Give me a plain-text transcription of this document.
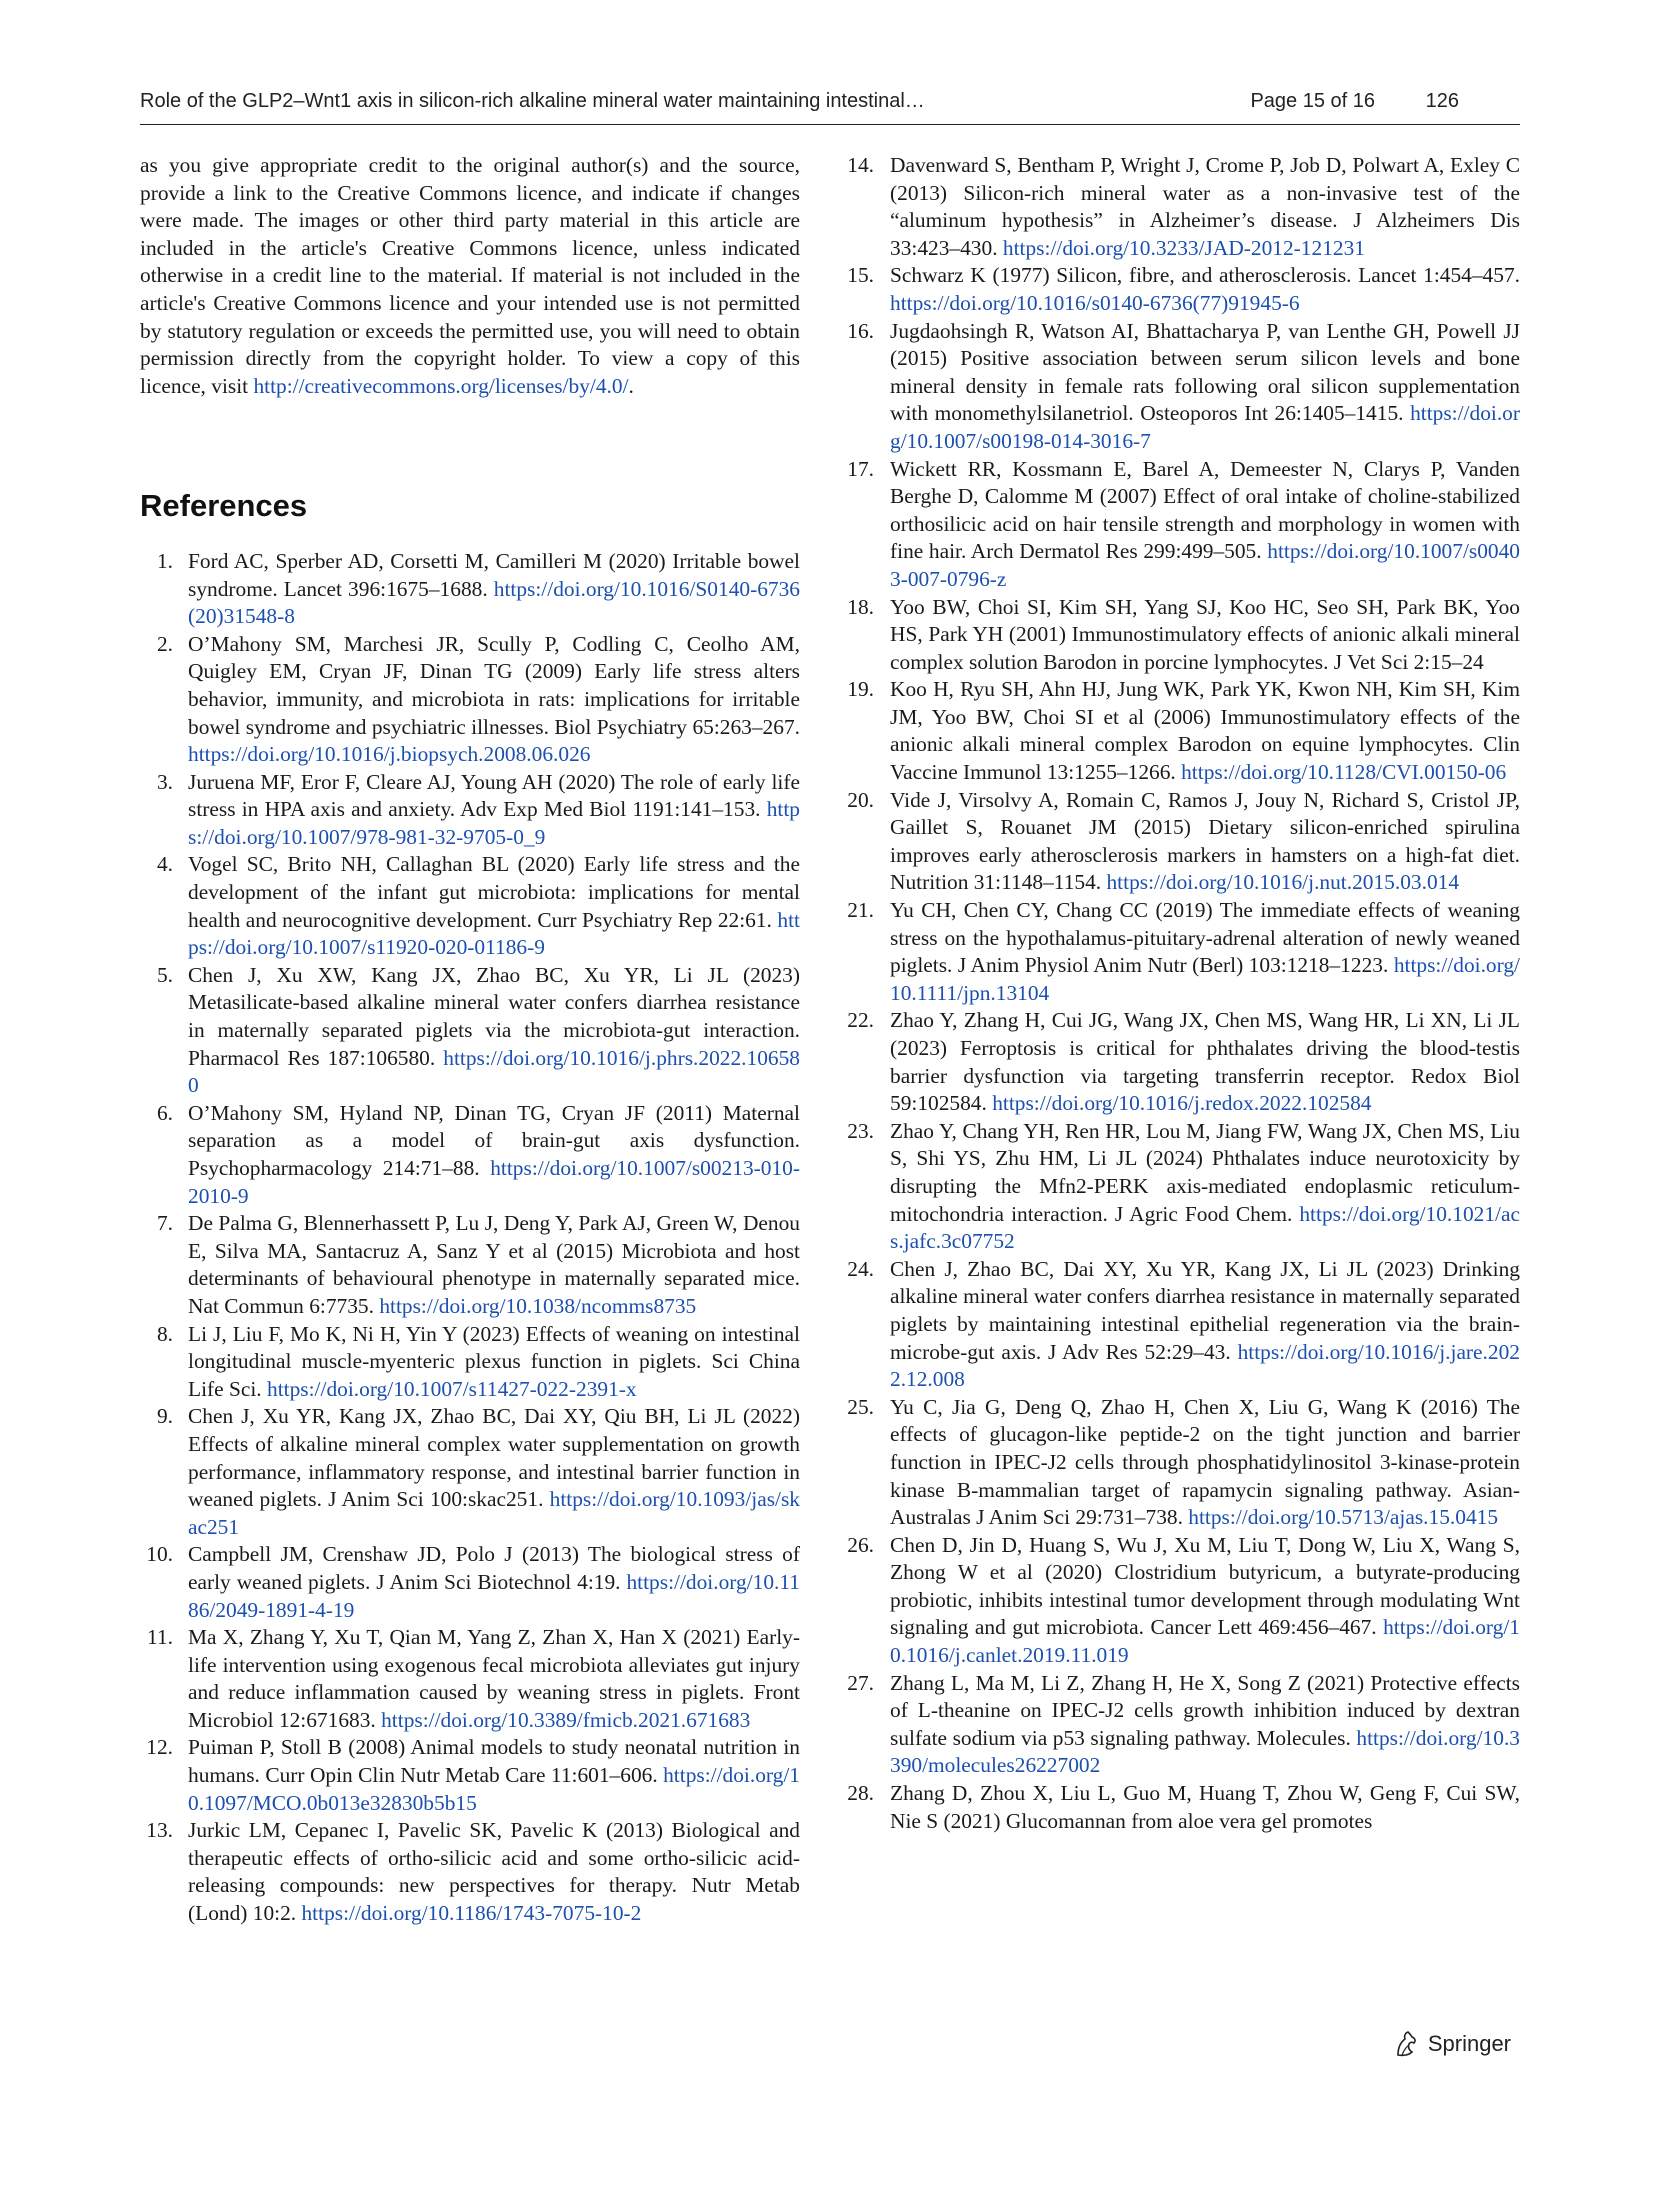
Role of the GLP2–Wnt1 axis in silicon-rich alkaline mineral water maintaining intestinal…	Page 15 of 16	126

as you give appropriate credit to the original author(s) and the source, provide a link to the Creative Commons licence, and indicate if changes were made. The images or other third party material in this article are included in the article's Creative Commons licence, unless indicated otherwise in a credit line to the material. If material is not included in the article's Creative Commons licence and your intended use is not permitted by statutory regulation or exceeds the permitted use, you will need to obtain permission directly from the copyright holder. To view a copy of this licence, visit http://creativecommons.org/licenses/by/4.0/.

References
1. Ford AC, Sperber AD, Corsetti M, Camilleri M (2020) Irritable bowel syndrome. Lancet 396:1675–1688. https://doi.org/10.1016/S0140-6736(20)31548-8
2. O’Mahony SM, Marchesi JR, Scully P, Codling C, Ceolho AM, Quigley EM, Cryan JF, Dinan TG (2009) Early life stress alters behavior, immunity, and microbiota in rats: implications for irritable bowel syndrome and psychiatric illnesses. Biol Psychiatry 65:263–267. https://doi.org/10.1016/j.biopsych.2008.06.026
3. Juruena MF, Eror F, Cleare AJ, Young AH (2020) The role of early life stress in HPA axis and anxiety. Adv Exp Med Biol 1191:141–153. https://doi.org/10.1007/978-981-32-9705-0_9
4. Vogel SC, Brito NH, Callaghan BL (2020) Early life stress and the development of the infant gut microbiota: implications for mental health and neurocognitive development. Curr Psychiatry Rep 22:61. https://doi.org/10.1007/s11920-020-01186-9
5. Chen J, Xu XW, Kang JX, Zhao BC, Xu YR, Li JL (2023) Metasilicate-based alkaline mineral water confers diarrhea resistance in maternally separated piglets via the microbiota-gut interaction. Pharmacol Res 187:106580. https://doi.org/10.1016/j.phrs.2022.106580
6. O’Mahony SM, Hyland NP, Dinan TG, Cryan JF (2011) Maternal separation as a model of brain-gut axis dysfunction. Psychopharmacology 214:71–88. https://doi.org/10.1007/s00213-010-2010-9
7. De Palma G, Blennerhassett P, Lu J, Deng Y, Park AJ, Green W, Denou E, Silva MA, Santacruz A, Sanz Y et al (2015) Microbiota and host determinants of behavioural phenotype in maternally separated mice. Nat Commun 6:7735. https://doi.org/10.1038/ncomms8735
8. Li J, Liu F, Mo K, Ni H, Yin Y (2023) Effects of weaning on intestinal longitudinal muscle-myenteric plexus function in piglets. Sci China Life Sci. https://doi.org/10.1007/s11427-022-2391-x
9. Chen J, Xu YR, Kang JX, Zhao BC, Dai XY, Qiu BH, Li JL (2022) Effects of alkaline mineral complex water supplementation on growth performance, inflammatory response, and intestinal barrier function in weaned piglets. J Anim Sci 100:skac251. https://doi.org/10.1093/jas/skac251
10. Campbell JM, Crenshaw JD, Polo J (2013) The biological stress of early weaned piglets. J Anim Sci Biotechnol 4:19. https://doi.org/10.1186/2049-1891-4-19
11. Ma X, Zhang Y, Xu T, Qian M, Yang Z, Zhan X, Han X (2021) Early-life intervention using exogenous fecal microbiota alleviates gut injury and reduce inflammation caused by weaning stress in piglets. Front Microbiol 12:671683. https://doi.org/10.3389/fmicb.2021.671683
12. Puiman P, Stoll B (2008) Animal models to study neonatal nutrition in humans. Curr Opin Clin Nutr Metab Care 11:601–606. https://doi.org/10.1097/MCO.0b013e32830b5b15
13. Jurkic LM, Cepanec I, Pavelic SK, Pavelic K (2013) Biological and therapeutic effects of ortho-silicic acid and some ortho-silicic acid-releasing compounds: new perspectives for therapy. Nutr Metab (Lond) 10:2. https://doi.org/10.1186/1743-7075-10-2
14. Davenward S, Bentham P, Wright J, Crome P, Job D, Polwart A, Exley C (2013) Silicon-rich mineral water as a non-invasive test of the “aluminum hypothesis” in Alzheimer’s disease. J Alzheimers Dis 33:423–430. https://doi.org/10.3233/JAD-2012-121231
15. Schwarz K (1977) Silicon, fibre, and atherosclerosis. Lancet 1:454–457. https://doi.org/10.1016/s0140-6736(77)91945-6
16. Jugdaohsingh R, Watson AI, Bhattacharya P, van Lenthe GH, Powell JJ (2015) Positive association between serum silicon levels and bone mineral density in female rats following oral silicon supplementation with monomethylsilanetriol. Osteoporos Int 26:1405–1415. https://doi.org/10.1007/s00198-014-3016-7
17. Wickett RR, Kossmann E, Barel A, Demeester N, Clarys P, Vanden Berghe D, Calomme M (2007) Effect of oral intake of choline-stabilized orthosilicic acid on hair tensile strength and morphology in women with fine hair. Arch Dermatol Res 299:499–505. https://doi.org/10.1007/s00403-007-0796-z
18. Yoo BW, Choi SI, Kim SH, Yang SJ, Koo HC, Seo SH, Park BK, Yoo HS, Park YH (2001) Immunostimulatory effects of anionic alkali mineral complex solution Barodon in porcine lymphocytes. J Vet Sci 2:15–24
19. Koo H, Ryu SH, Ahn HJ, Jung WK, Park YK, Kwon NH, Kim SH, Kim JM, Yoo BW, Choi SI et al (2006) Immunostimulatory effects of the anionic alkali mineral complex Barodon on equine lymphocytes. Clin Vaccine Immunol 13:1255–1266. https://doi.org/10.1128/CVI.00150-06
20. Vide J, Virsolvy A, Romain C, Ramos J, Jouy N, Richard S, Cristol JP, Gaillet S, Rouanet JM (2015) Dietary silicon-enriched spirulina improves early atherosclerosis markers in hamsters on a high-fat diet. Nutrition 31:1148–1154. https://doi.org/10.1016/j.nut.2015.03.014
21. Yu CH, Chen CY, Chang CC (2019) The immediate effects of weaning stress on the hypothalamus-pituitary-adrenal alteration of newly weaned piglets. J Anim Physiol Anim Nutr (Berl) 103:1218–1223. https://doi.org/10.1111/jpn.13104
22. Zhao Y, Zhang H, Cui JG, Wang JX, Chen MS, Wang HR, Li XN, Li JL (2023) Ferroptosis is critical for phthalates driving the blood-testis barrier dysfunction via targeting transferrin receptor. Redox Biol 59:102584. https://doi.org/10.1016/j.redox.2022.102584
23. Zhao Y, Chang YH, Ren HR, Lou M, Jiang FW, Wang JX, Chen MS, Liu S, Shi YS, Zhu HM, Li JL (2024) Phthalates induce neurotoxicity by disrupting the Mfn2-PERK axis-mediated endoplasmic reticulum-mitochondria interaction. J Agric Food Chem. https://doi.org/10.1021/acs.jafc.3c07752
24. Chen J, Zhao BC, Dai XY, Xu YR, Kang JX, Li JL (2023) Drinking alkaline mineral water confers diarrhea resistance in maternally separated piglets by maintaining intestinal epithelial regeneration via the brain-microbe-gut axis. J Adv Res 52:29–43. https://doi.org/10.1016/j.jare.2022.12.008
25. Yu C, Jia G, Deng Q, Zhao H, Chen X, Liu G, Wang K (2016) The effects of glucagon-like peptide-2 on the tight junction and barrier function in IPEC-J2 cells through phosphatidylinositol 3-kinase-protein kinase B-mammalian target of rapamycin signaling pathway. Asian-Australas J Anim Sci 29:731–738. https://doi.org/10.5713/ajas.15.0415
26. Chen D, Jin D, Huang S, Wu J, Xu M, Liu T, Dong W, Liu X, Wang S, Zhong W et al (2020) Clostridium butyricum, a butyrate-producing probiotic, inhibits intestinal tumor development through modulating Wnt signaling and gut microbiota. Cancer Lett 469:456–467. https://doi.org/10.1016/j.canlet.2019.11.019
27. Zhang L, Ma M, Li Z, Zhang H, He X, Song Z (2021) Protective effects of L-theanine on IPEC-J2 cells growth inhibition induced by dextran sulfate sodium via p53 signaling pathway. Molecules. https://doi.org/10.3390/molecules26227002
28. Zhang D, Zhou X, Liu L, Guo M, Huang T, Zhou W, Geng F, Cui SW, Nie S (2021) Glucomannan from aloe vera gel promotes
Springer
